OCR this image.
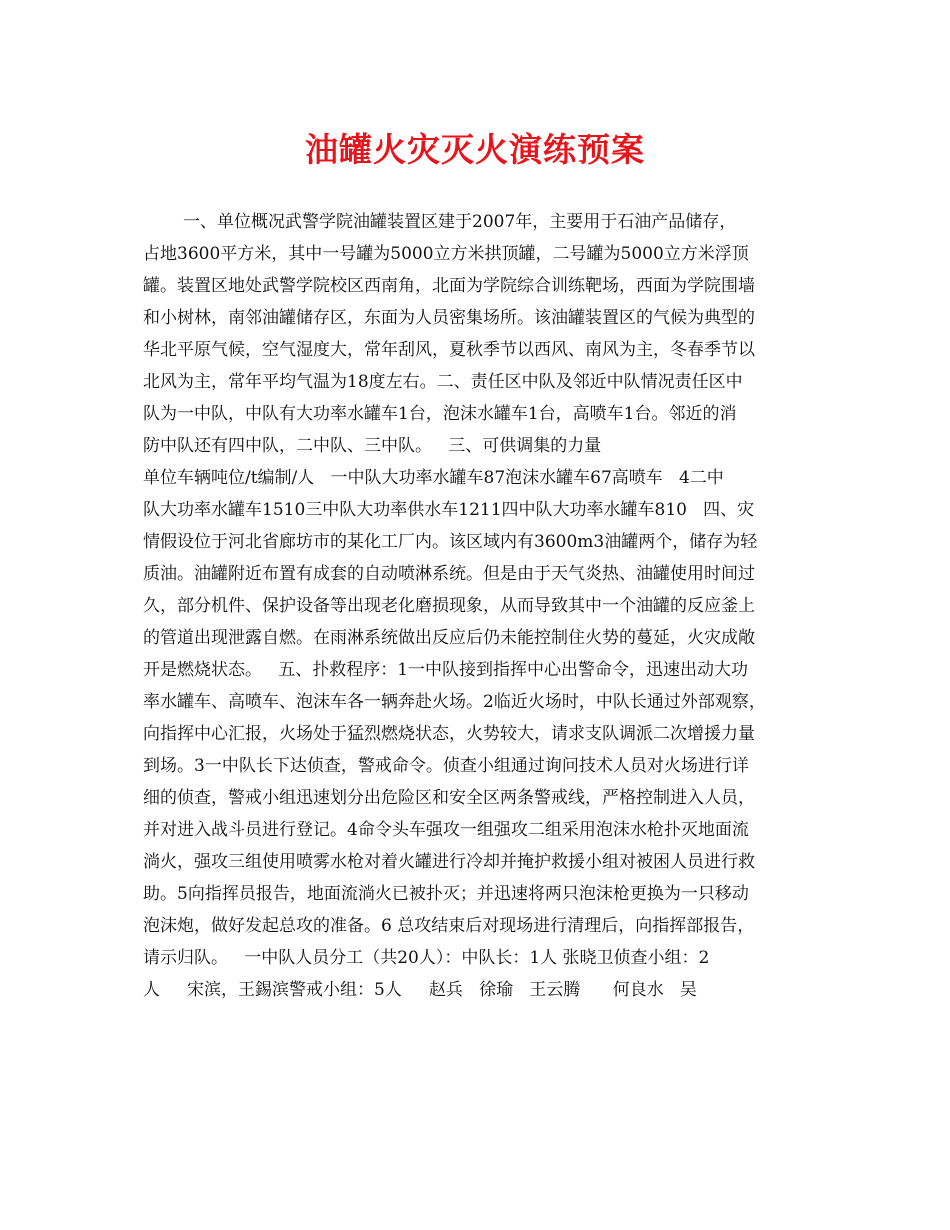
油罐火灾灭火演练预案
一、单位概况武警学院油罐装置区建于2007年，主要用于石油产品储存，
占地3600平方米，其中一号罐为5000立方米拱顶罐，二号罐为5000立方米浮顶
罐。装置区地处武警学院校区西南角，北面为学院综合训练靶场，西面为学院围墙
和小树林，南邻油罐储存区，东面为人员密集场所。该油罐装置区的气候为典型的
华北平原气候，空气湿度大，常年刮风，夏秋季节以西风、南风为主，冬春季节以
北风为主，常年平均气温为18度左右。二、责任区中队及邻近中队情况责任区中
队为一中队，中队有大功率水罐车1台，泡沫水罐车1台，高喷车1台。邻近的消
防中队还有四中队，二中队、三中队。   三、可供调集的力量
单位车辆吨位/t编制/人   一中队大功率水罐车87泡沫水罐车67高喷车   4二中
队大功率水罐车1510三中队大功率供水车1211四中队大功率水罐车810   四、灾
情假设位于河北省廊坊市的某化工厂内。该区域内有3600m3油罐两个，储存为轻
质油。油罐附近布置有成套的自动喷淋系统。但是由于天气炎热、油罐使用时间过
久，部分机件、保护设备等出现老化磨损现象，从而导致其中一个油罐的反应釜上
的管道出现泄露自燃。在雨淋系统做出反应后仍未能控制住火势的蔓延，火灾成敞
开是燃烧状态。   五、扑救程序：1一中队接到指挥中心出警命令，迅速出动大功
率水罐车、高喷车、泡沫车各一辆奔赴火场。2临近火场时，中队长通过外部观察，
向指挥中心汇报，火场处于猛烈燃烧状态，火势较大，请求支队调派二次增援力量
到场。3一中队长下达侦查，警戒命令。侦查小组通过询问技术人员对火场进行详
细的侦查，警戒小组迅速划分出危险区和安全区两条警戒线，严格控制进入人员，
并对进入战斗员进行登记。4命令头车强攻一组强攻二组采用泡沫水枪扑灭地面流
淌火，强攻三组使用喷雾水枪对着火罐进行冷却并掩护救援小组对被困人员进行救
助。5向指挥员报告，地面流淌火已被扑灭；并迅速将两只泡沫枪更换为一只移动
泡沫炮，做好发起总攻的准备。6 总攻结束后对现场进行清理后，向指挥部报告，
请示归队。   一中队人员分工（共20人）：中队长：1人 张晓卫侦查小组：2
人     宋滨，王錫滨警戒小组：5人     赵兵   徐瑜   王云腾      何良水   吴
